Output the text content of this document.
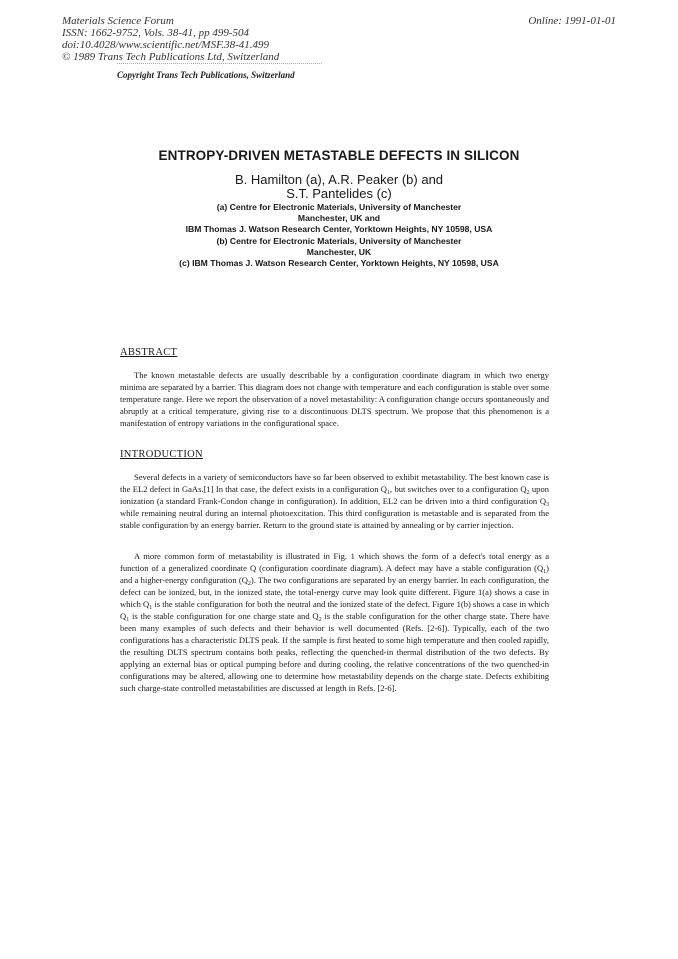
Materials Science Forum
ISSN: 1662-9752, Vols. 38-41, pp 499-504
doi:10.4028/www.scientific.net/MSF.38-41.499
© 1989 Trans Tech Publications Ltd, Switzerland
Online: 1991-01-01
Copyright Trans Tech Publications, Switzerland
ENTROPY-DRIVEN METASTABLE DEFECTS IN SILICON
B. Hamilton (a), A.R. Peaker (b) and
S.T. Pantelides (c)
(a) Centre for Electronic Materials, University of Manchester
Manchester, UK and
IBM Thomas J. Watson Research Center, Yorktown Heights, NY 10598, USA
(b) Centre for Electronic Materials, University of Manchester
Manchester, UK
(c) IBM Thomas J. Watson Research Center, Yorktown Heights, NY 10598, USA
ABSTRACT

The known metastable defects are usually describable by a configuration coordinate diagram in which two energy minima are separated by a barrier. This diagram does not change with temperature and each configuration is stable over some temperature range. Here we report the observation of a novel metastability: A configuration change occurs spontaneously and abruptly at a critical temperature, giving rise to a discontinuous DLTS spectrum. We propose that this phenomenon is a manifestation of entropy variations in the configurational space.

INTRODUCTION

Several defects in a variety of semiconductors have so far been observed to exhibit metastability. The best known case is the EL2 defect in GaAs.[1] In that case, the defect exists in a configuration $Q_1$, but switches over to a configuration $Q_2$ upon ionization (a standard Frank-Condon change in configuration). In addition, EL2 can be driven into a third configuration $Q_3$ while remaining neutral during an internal photoexcitation. This third configuration is metastable and is separated from the stable configuration by an energy barrier. Return to the ground state is attained by annealing or by carrier injection.

A more common form of metastability is illustrated in Fig. 1 which shows the form of a defect's total energy as a function of a generalized coordinate Q (configuration coordinate diagram). A defect may have a stable configuration $(Q_1)$ and a higher-energy configuration $(Q_2)$. The two configurations are separated by an energy barrier. In each configuration, the defect can be ionized, but, in the ionized state, the total-energy curve may look quite different. Figure 1(a) shows a case in which $Q_1$ is the stable configuration for both the neutral and the ionized state of the defect. Figure 1(b) shows a case in which $Q_1$ is the stable configuration for one charge state and $Q_2$ is the stable configuration for the other charge state. There have been many examples of such defects and their behavior is well documented (Refs. [2-6]). Typically, each of the two configurations has a characteristic DLTS peak. If the sample is first heated to some high temperature and then cooled rapidly, the resulting DLTS spectrum contains both peaks, reflecting the quenched-in thermal distribution of the two defects. By applying an external bias or optical pumping before and during cooling, the relative concentrations of the two quenched-in configurations may be altered, allowing one to determine how metastability depends on the charge state. Defects exhibiting such charge-state controlled metastabilities are discussed at length in Refs. [2-6].
